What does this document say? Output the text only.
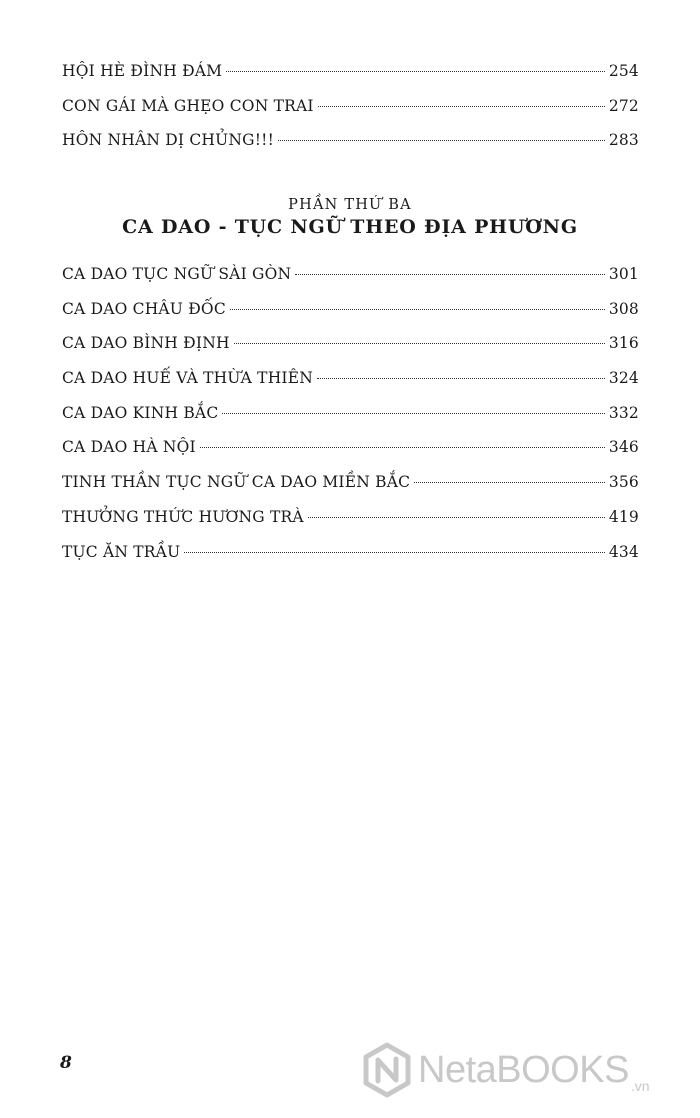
HỘI HÈ ĐÌNH ĐÁM	254
CON GÁI MÀ GHẸO CON TRAI	272
HÔN NHÂN DỊ CHỦNG!!!	283
PHẦN THỨ BA
CA DAO - TỤC NGỮ THEO ĐỊA PHƯƠNG
CA DAO TỤC NGỮ SÀI GÒN	301
CA DAO CHÂU ĐỐC	308
CA DAO BÌNH ĐỊNH	316
CA DAO HUẾ VÀ THỪA THIÊN	324
CA DAO KINH BẮC	332
CA DAO HÀ NỘI	346
TINH THẦN TỤC NGỮ CA DAO MIỀN BẮC	356
THƯỞNG THỨC HƯƠNG TRÀ	419
TỤC ĂN TRẦU	434
8	NetaBOOKS .vn
